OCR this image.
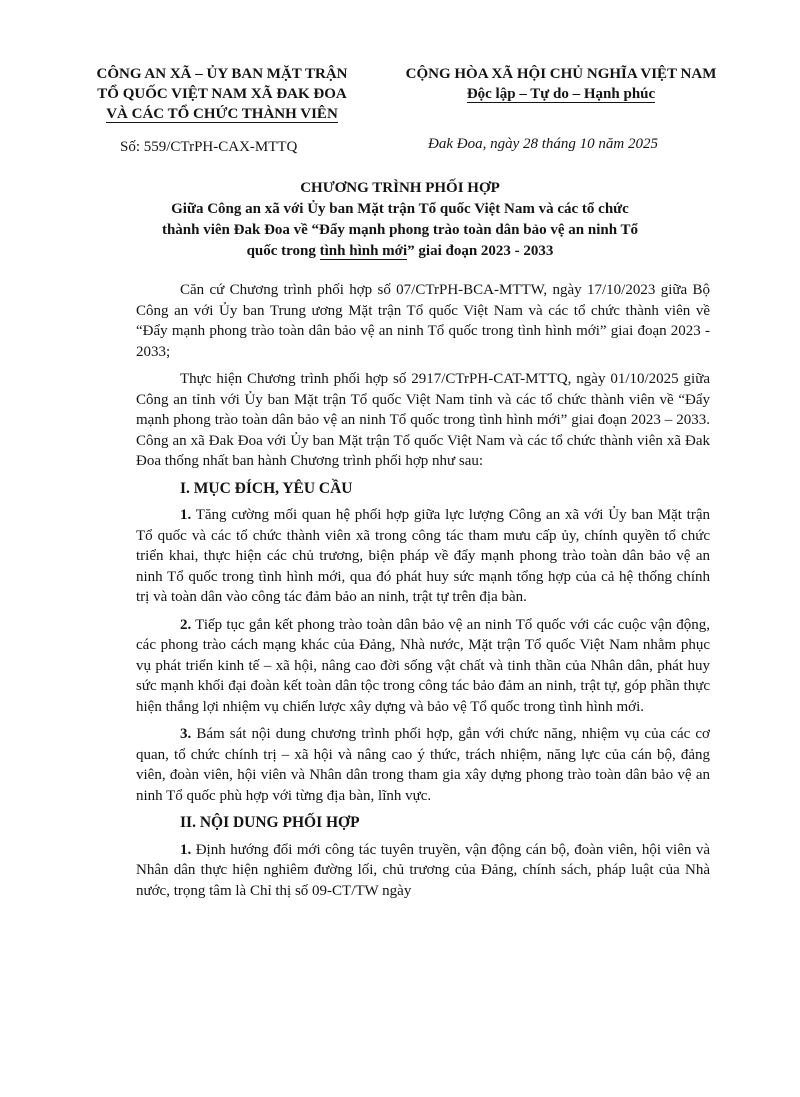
CÔNG AN XÃ – ỦY BAN MẶT TRẬN
TỔ QUỐC VIỆT NAM XÃ ĐAK ĐOA
VÀ CÁC TỔ CHỨC THÀNH VIÊN
CỘNG HÒA XÃ HỘI CHỦ NGHĨA VIỆT NAM
Độc lập – Tự do – Hạnh phúc
Số: 559/CTrPH-CAX-MTTQ	Đak Đoa, ngày 28 tháng 10 năm 2025
CHƯƠNG TRÌNH PHỐI HỢP
Giữa Công an xã với Ủy ban Mặt trận Tổ quốc Việt Nam và các tổ chức
thành viên Đak Đoa về “Đẩy mạnh phong trào toàn dân bảo vệ an ninh Tổ
quốc trong tình hình mới” giai đoạn 2023 - 2033

Căn cứ Chương trình phối hợp số 07/CTrPH-BCA-MTTW, ngày 17/10/2023 giữa Bộ Công an với Ủy ban Trung ương Mặt trận Tổ quốc Việt Nam và các tổ chức thành viên về “Đẩy mạnh phong trào toàn dân bảo vệ an ninh Tổ quốc trong tình hình mới” giai đoạn 2023 - 2033;

Thực hiện Chương trình phối hợp số 2917/CTrPH-CAT-MTTQ, ngày 01/10/2025 giữa Công an tỉnh với Ủy ban Mặt trận Tổ quốc Việt Nam tỉnh và các tổ chức thành viên về “Đẩy mạnh phong trào toàn dân bảo vệ an ninh Tổ quốc trong tình hình mới” giai đoạn 2023 – 2033. Công an xã Đak Đoa với Ủy ban Mặt trận Tổ quốc Việt Nam và các tổ chức thành viên xã Đak Đoa thống nhất ban hành Chương trình phối hợp như sau:

I. MỤC ĐÍCH, YÊU CẦU

1. Tăng cường mối quan hệ phối hợp giữa lực lượng Công an xã với Ủy ban Mặt trận Tổ quốc và các tổ chức thành viên xã trong công tác tham mưu cấp ủy, chính quyền tổ chức triển khai, thực hiện các chủ trương, biện pháp về đẩy mạnh phong trào toàn dân bảo vệ an ninh Tổ quốc trong tình hình mới, qua đó phát huy sức mạnh tổng hợp của cả hệ thống chính trị và toàn dân vào công tác đảm bảo an ninh, trật tự trên địa bàn.

2. Tiếp tục gắn kết phong trào toàn dân bảo vệ an ninh Tổ quốc với các cuộc vận động, các phong trào cách mạng khác của Đảng, Nhà nước, Mặt trận Tổ quốc Việt Nam nhằm phục vụ phát triển kinh tế – xã hội, nâng cao đời sống vật chất và tinh thần của Nhân dân, phát huy sức mạnh khối đại đoàn kết toàn dân tộc trong công tác bảo đảm an ninh, trật tự, góp phần thực hiện thắng lợi nhiệm vụ chiến lược xây dựng và bảo vệ Tổ quốc trong tình hình mới.

3. Bám sát nội dung chương trình phối hợp, gắn với chức năng, nhiệm vụ của các cơ quan, tổ chức chính trị – xã hội và nâng cao ý thức, trách nhiệm, năng lực của cán bộ, đảng viên, đoàn viên, hội viên và Nhân dân trong tham gia xây dựng phong trào toàn dân bảo vệ an ninh Tổ quốc phù hợp với từng địa bàn, lĩnh vực.

II. NỘI DUNG PHỐI HỢP

1. Định hướng đổi mới công tác tuyên truyền, vận động cán bộ, đoàn viên, hội viên và Nhân dân thực hiện nghiêm đường lối, chủ trương của Đảng, chính sách, pháp luật của Nhà nước, trọng tâm là Chỉ thị số 09-CT/TW ngày
